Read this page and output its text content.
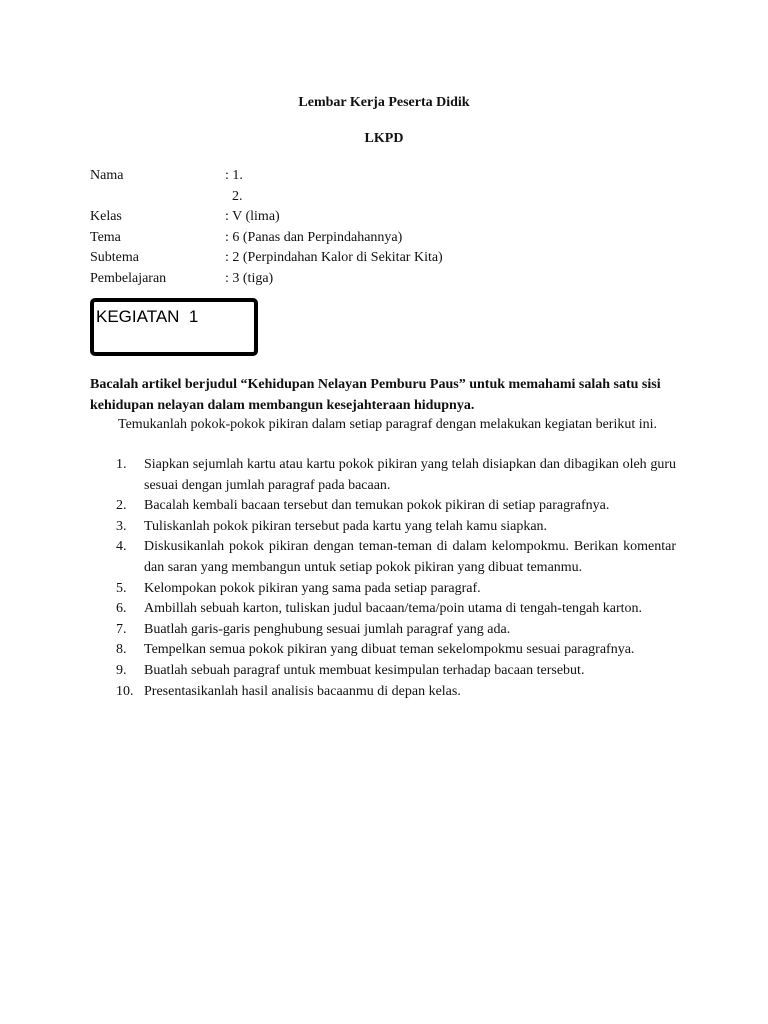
Lembar Kerja Peserta Didik
LKPD
Nama	: 1.
2.
Kelas	: V (lima)
Tema	: 6 (Panas dan Perpindahannya)
Subtema	: 2 (Perpindahan Kalor di Sekitar Kita)
Pembelajaran	: 3 (tiga)
KEGIATAN  1
Bacalah artikel berjudul “Kehidupan Nelayan Pemburu Paus” untuk memahami salah satu sisi kehidupan nelayan dalam membangun kesejahteraan hidupnya.
Temukanlah pokok-pokok pikiran dalam setiap paragraf dengan melakukan kegiatan berikut ini.
1.	Siapkan sejumlah kartu atau kartu pokok pikiran yang telah disiapkan dan dibagikan oleh guru sesuai dengan jumlah paragraf pada bacaan.
2.	Bacalah kembali bacaan tersebut dan temukan pokok pikiran di setiap paragrafnya.
3.	Tuliskanlah pokok pikiran tersebut pada kartu yang telah kamu siapkan.
4.	Diskusikanlah pokok pikiran dengan teman-teman di dalam kelompokmu. Berikan komentar dan saran yang membangun untuk setiap pokok pikiran yang dibuat temanmu.
5.	Kelompokan pokok pikiran yang sama pada setiap paragraf.
6.	Ambillah sebuah karton, tuliskan judul bacaan/tema/poin utama di tengah-tengah karton.
7.	Buatlah garis-garis penghubung sesuai jumlah paragraf yang ada.
8.	Tempelkan semua pokok pikiran yang dibuat teman sekelompokmu sesuai paragrafnya.
9.	Buatlah sebuah paragraf untuk membuat kesimpulan terhadap bacaan tersebut.
10. Presentasikanlah hasil analisis bacaanmu di depan kelas.
